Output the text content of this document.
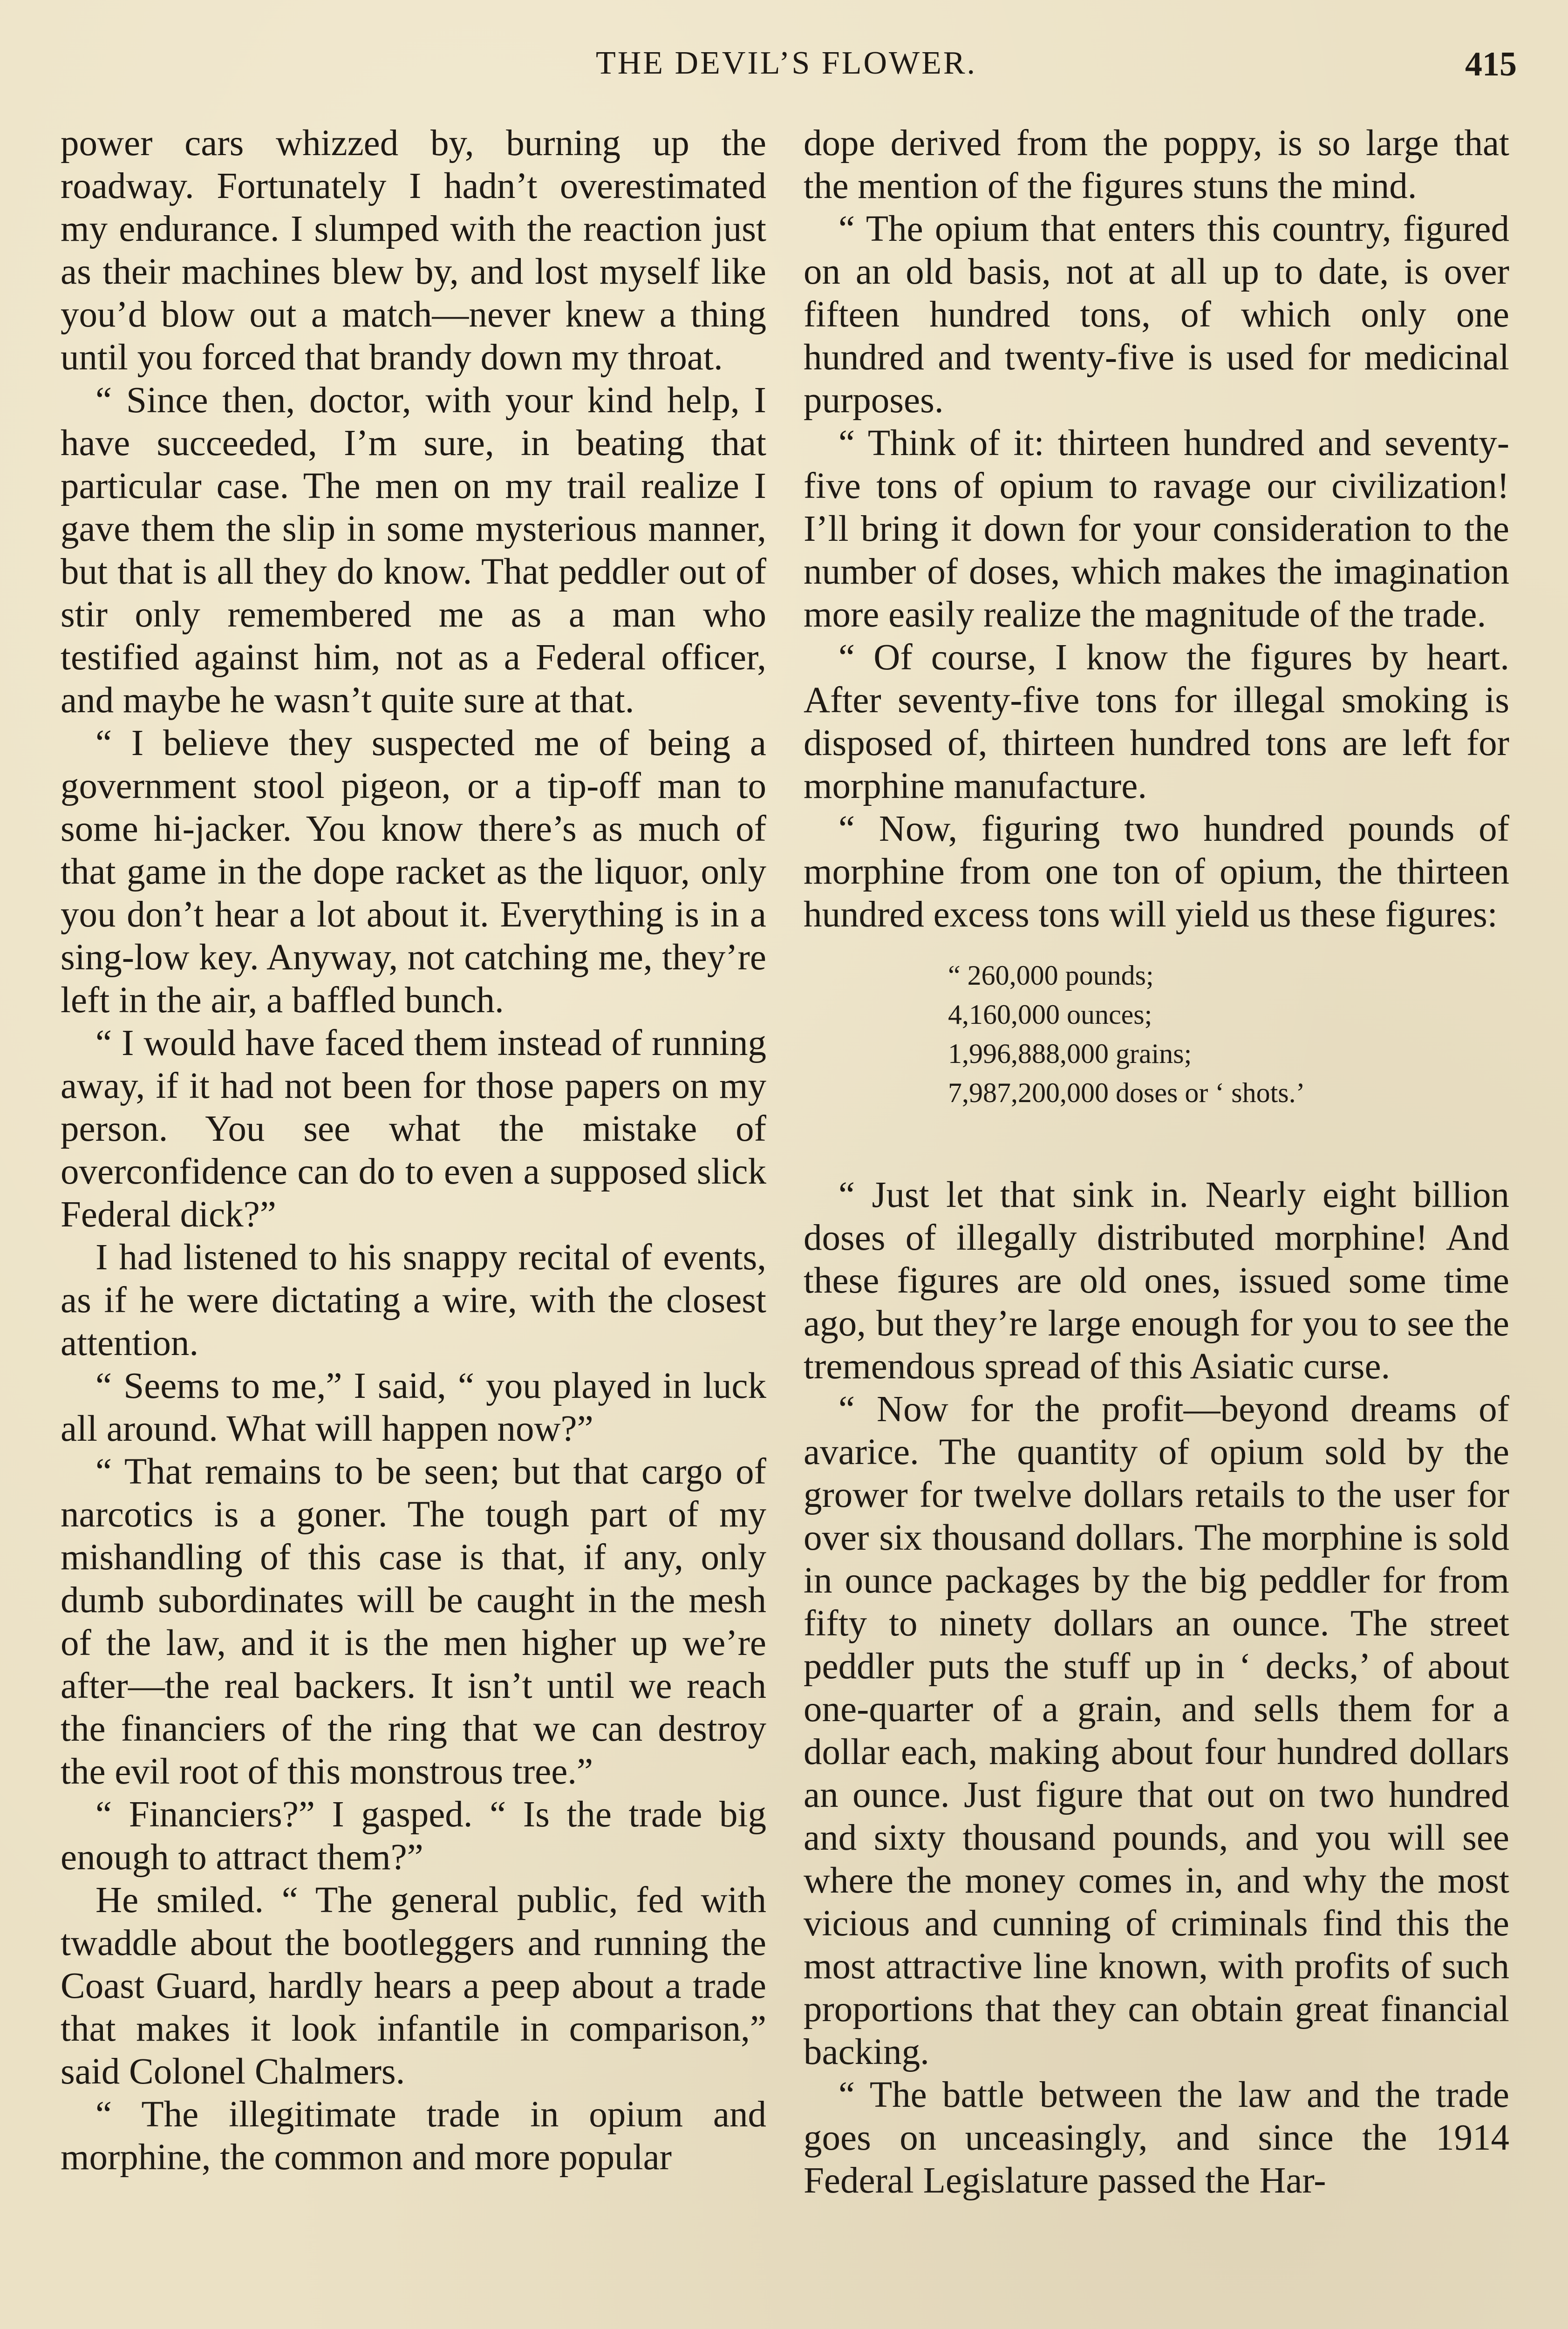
THE DEVIL’S FLOWER.	415

power cars whizzed by, burning up the roadway. Fortunately I hadn’t overestimated my endurance. I slumped with the reaction just as their machines blew by, and lost myself like you’d blow out a match—never knew a thing until you forced that brandy down my throat.

“ Since then, doctor, with your kind help, I have succeeded, I’m sure, in beating that particular case. The men on my trail realize I gave them the slip in some mysterious manner, but that is all they do know. That peddler out of stir only remembered me as a man who testified against him, not as a Federal officer, and maybe he wasn’t quite sure at that.

“ I believe they suspected me of being a government stool pigeon, or a tip-off man to some hi-jacker. You know there’s as much of that game in the dope racket as the liquor, only you don’t hear a lot about it. Everything is in a sing-low key. Anyway, not catching me, they’re left in the air, a baffled bunch.

“ I would have faced them instead of running away, if it had not been for those papers on my person. You see what the mistake of overconfidence can do to even a supposed slick Federal dick?”

I had listened to his snappy recital of events, as if he were dictating a wire, with the closest attention.

“ Seems to me,” I said, “ you played in luck all around. What will happen now?”

“ That remains to be seen; but that cargo of narcotics is a goner. The tough part of my mishandling of this case is that, if any, only dumb subordinates will be caught in the mesh of the law, and it is the men higher up we’re after—the real backers. It isn’t until we reach the financiers of the ring that we can destroy the evil root of this monstrous tree.”

“ Financiers?” I gasped. “ Is the trade big enough to attract them?”

He smiled. “ The general public, fed with twaddle about the bootleggers and running the Coast Guard, hardly hears a peep about a trade that makes it look infantile in comparison,” said Colonel Chalmers.

“ The illegitimate trade in opium and morphine, the common and more popular

dope derived from the poppy, is so large that the mention of the figures stuns the mind.

“ The opium that enters this country, figured on an old basis, not at all up to date, is over fifteen hundred tons, of which only one hundred and twenty-five is used for medicinal purposes.

“ Think of it: thirteen hundred and seventy-five tons of opium to ravage our civilization! I’ll bring it down for your consideration to the number of doses, which makes the imagination more easily realize the magnitude of the trade.

“ Of course, I know the figures by heart. After seventy-five tons for illegal smoking is disposed of, thirteen hundred tons are left for morphine manufacture.

“ Now, figuring two hundred pounds of morphine from one ton of opium, the thirteen hundred excess tons will yield us these figures:

“ 260,000 pounds;
4,160,000 ounces;
1,996,888,000 grains;
7,987,200,000 doses or ‘ shots.’

“ Just let that sink in. Nearly eight billion doses of illegally distributed morphine! And these figures are old ones, issued some time ago, but they’re large enough for you to see the tremendous spread of this Asiatic curse.

“ Now for the profit—beyond dreams of avarice. The quantity of opium sold by the grower for twelve dollars retails to the user for over six thousand dollars. The morphine is sold in ounce packages by the big peddler for from fifty to ninety dollars an ounce. The street peddler puts the stuff up in ‘ decks,’ of about one-quarter of a grain, and sells them for a dollar each, making about four hundred dollars an ounce. Just figure that out on two hundred and sixty thousand pounds, and you will see where the money comes in, and why the most vicious and cunning of criminals find this the most attractive line known, with profits of such proportions that they can obtain great financial backing.

“ The battle between the law and the trade goes on unceasingly, and since the 1914 Federal Legislature passed the Har-
